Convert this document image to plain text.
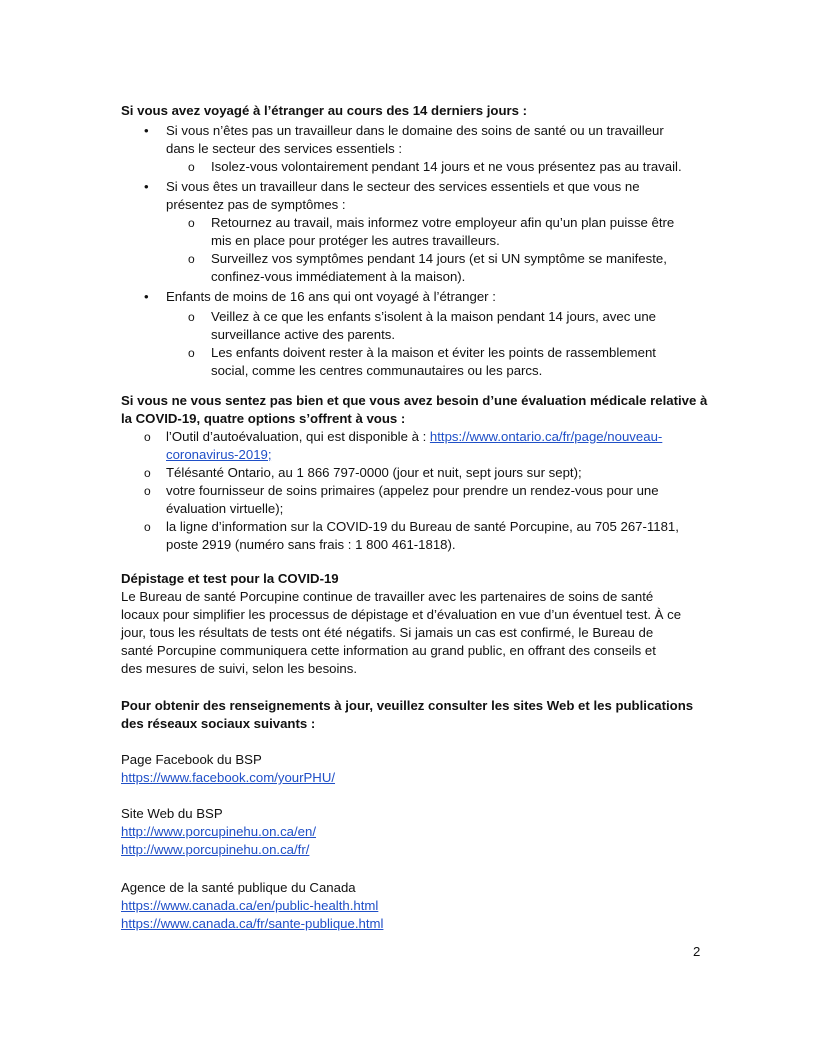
Si vous avez voyagé à l’étranger au cours des 14 derniers jours :
•	Si vous n’êtes pas un travailleur dans le domaine des soins de santé ou un travailleur
dans le secteur des services essentiels :
o	Isolez-vous volontairement pendant 14 jours et ne vous présentez pas au travail.
•	Si vous êtes un travailleur dans le secteur des services essentiels et que vous ne
présentez pas de symptômes :
o	Retournez au travail, mais informez votre employeur afin qu’un plan puisse être
mis en place pour protéger les autres travailleurs.
o	Surveillez vos symptômes pendant 14 jours (et si UN symptôme se manifeste,
confinez-vous immédiatement à la maison).
•	Enfants de moins de 16 ans qui ont voyagé à l’étranger :
o	Veillez à ce que les enfants s’isolent à la maison pendant 14 jours, avec une
surveillance active des parents.
o	Les enfants doivent rester à la maison et éviter les points de rassemblement
social, comme les centres communautaires ou les parcs.
Si vous ne vous sentez pas bien et que vous avez besoin d’une évaluation médicale relative à
la COVID-19, quatre options s’offrent à vous :
o	l’Outil d’autoévaluation, qui est disponible à : https://www.ontario.ca/fr/page/nouveau-
coronavirus-2019;
o	Télésanté Ontario, au 1 866 797-0000 (jour et nuit, sept jours sur sept);
o	votre fournisseur de soins primaires (appelez pour prendre un rendez-vous pour une
évaluation virtuelle);
o	la ligne d’information sur la COVID-19 du Bureau de santé Porcupine, au 705 267-1181,
poste 2919 (numéro sans frais : 1 800 461-1818).
Dépistage et test pour la COVID-19
Le Bureau de santé Porcupine continue de travailler avec les partenaires de soins de santé
locaux pour simplifier les processus de dépistage et d’évaluation en vue d’un éventuel test. À ce
jour, tous les résultats de tests ont été négatifs. Si jamais un cas est confirmé, le Bureau de
santé Porcupine communiquera cette information au grand public, en offrant des conseils et
des mesures de suivi, selon les besoins.
Pour obtenir des renseignements à jour, veuillez consulter les sites Web et les publications
des réseaux sociaux suivants :
Page Facebook du BSP
https://www.facebook.com/yourPHU/
Site Web du BSP
http://www.porcupinehu.on.ca/en/
http://www.porcupinehu.on.ca/fr/
Agence de la santé publique du Canada
https://www.canada.ca/en/public-health.html
https://www.canada.ca/fr/sante-publique.html
2
